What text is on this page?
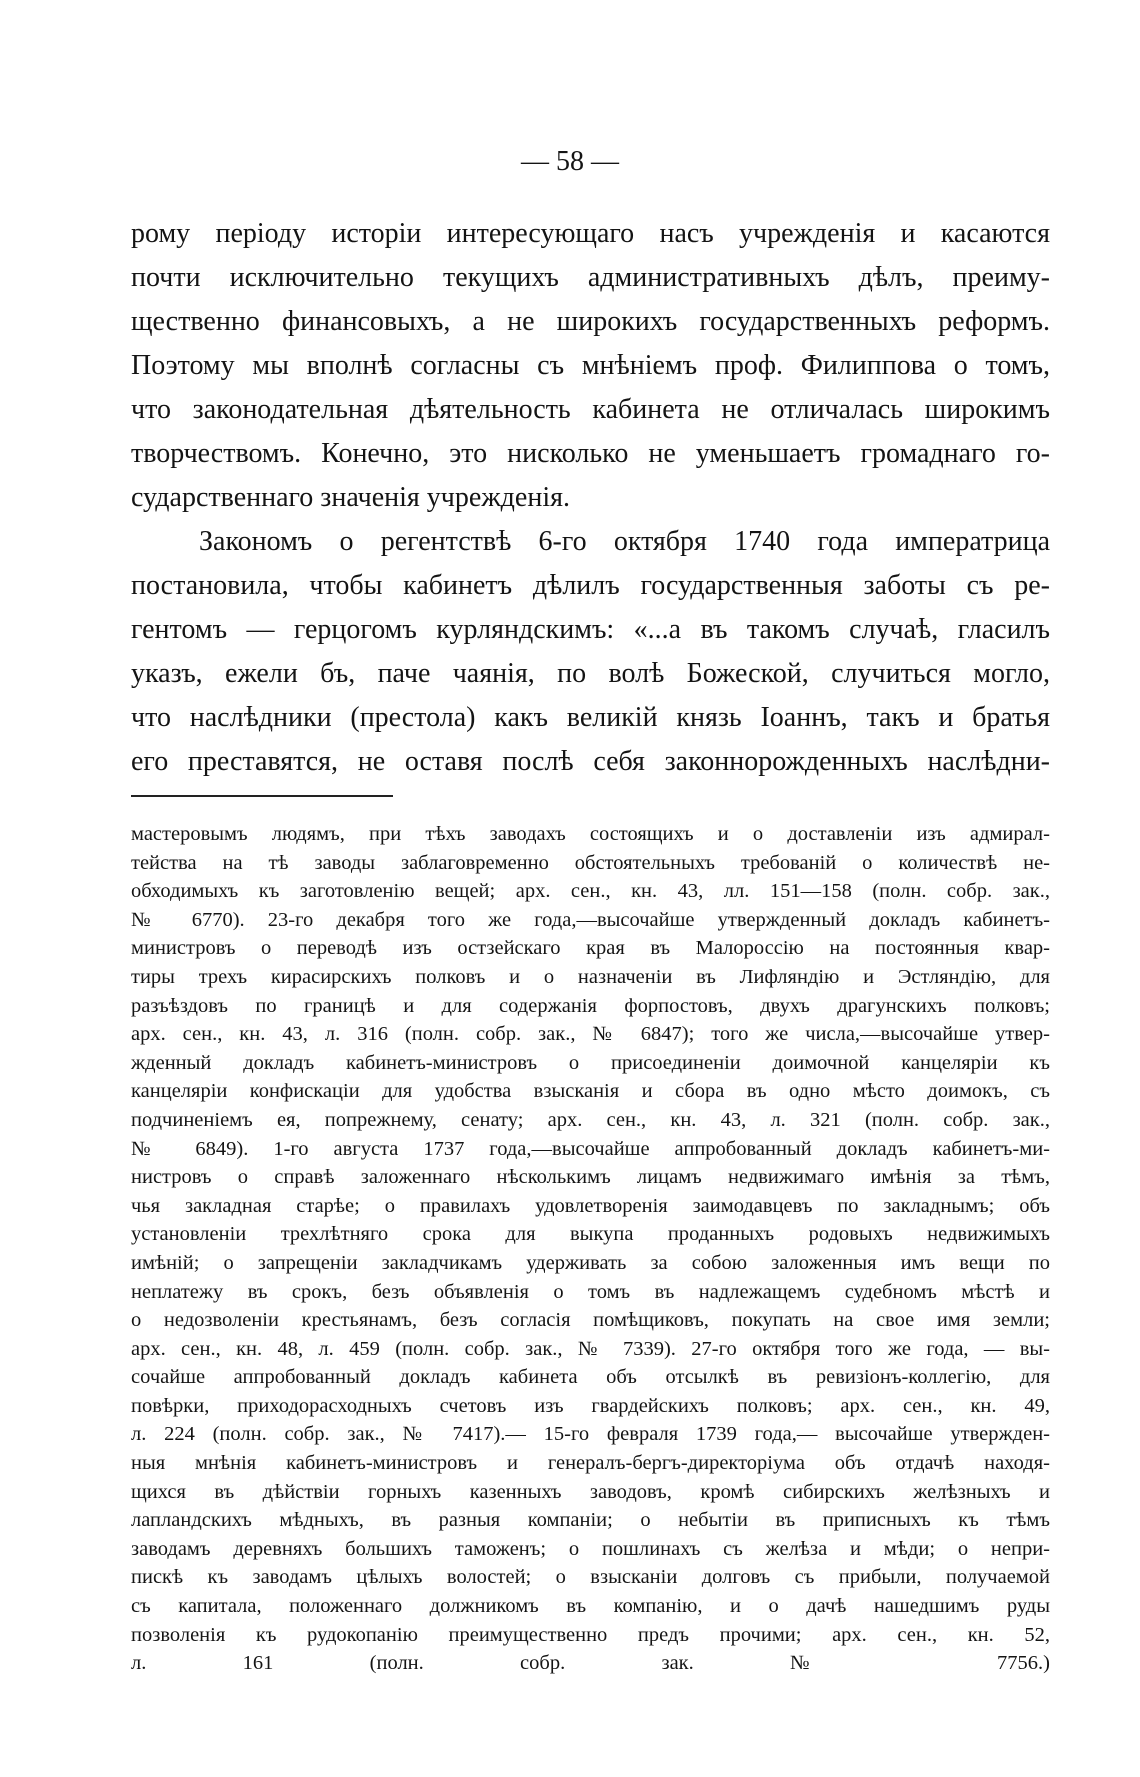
— 58 —
рому періоду исторіи интересующаго насъ учрежденія и касаются
почти исключительно текущихъ административныхъ дѣлъ, преиму-
щественно финансовыхъ, а не широкихъ государственныхъ реформъ.
Поэтому мы вполнѣ согласны съ мнѣніемъ проф. Филиппова о томъ,
что законодательная дѣятельность кабинета не отличалась широкимъ
творчествомъ. Конечно, это нисколько не уменьшаетъ громаднаго го-
сударственнаго значенія учрежденія.
Закономъ о регентствѣ 6-го октября 1740 года императрица
постановила, чтобы кабинетъ дѣлилъ государственныя заботы съ ре-
гентомъ — герцогомъ курляндскимъ: «...а въ такомъ случаѣ, гласилъ
указъ, ежели бъ, паче чаянія, по волѣ Божеской, случиться могло,
что наслѣдники (престола) какъ великій князь Іоаннъ, такъ и братья
его преставятся, не оставя послѣ себя законнорожденныхъ наслѣдни-
мастеровымъ людямъ, при тѣхъ заводахъ состоящихъ и о доставленіи изъ адмирал-
тейства на тѣ заводы заблаговременно обстоятельныхъ требованій о количествѣ не-
обходимыхъ къ заготовленію вещей; арх. сен., кн. 43, лл. 151—158 (полн. собр. зак.,
№ 6770). 23-го декабря того же года,—высочайше утвержденный докладъ кабинетъ-
министровъ о переводѣ изъ остзейскаго края въ Малороссію на постоянныя квар-
тиры трехъ кирасирскихъ полковъ и о назначеніи въ Лифляндію и Эстляндію, для
разъѣздовъ по границѣ и для содержанія форпостовъ, двухъ драгунскихъ полковъ;
арх. сен., кн. 43, л. 316 (полн. собр. зак., № 6847); того же числа,—высочайше утвер-
жденный докладъ кабинетъ-министровъ о присоединеніи доимочной канцеляріи къ
канцеляріи конфискаціи для удобства взысканія и сбора въ одно мѣсто доимокъ, съ
подчиненіемъ ея, попрежнему, сенату; арх. сен., кн. 43, л. 321 (полн. собр. зак.,
№ 6849). 1-го августа 1737 года,—высочайше аппробованный докладъ кабинетъ-ми-
нистровъ о справѣ заложеннаго нѣсколькимъ лицамъ недвижимаго имѣнія за тѣмъ,
чья закладная старѣе; о правилахъ удовлетворенія заимодавцевъ по закладнымъ; объ
установленіи трехлѣтняго срока для выкупа проданныхъ родовыхъ недвижимыхъ
имѣній; о запрещеніи закладчикамъ удерживать за собою заложенныя имъ вещи по
неплатежу въ срокъ, безъ объявленія о томъ въ надлежащемъ судебномъ мѣстѣ и
о недозволеніи крестьянамъ, безъ согласія помѣщиковъ, покупать на свое имя земли;
арх. сен., кн. 48, л. 459 (полн. собр. зак., № 7339). 27-го октября того же года, — вы-
сочайше аппробованный докладъ кабинета объ отсылкѣ въ ревизіонъ-коллегію, для
повѣрки, приходорасходныхъ счетовъ изъ гвардейскихъ полковъ; арх. сен., кн. 49,
л. 224 (полн. собр. зак., № 7417).— 15-го февраля 1739 года,— высочайше утвержден-
ныя мнѣнія кабинетъ-министровъ и генералъ-бергъ-директоріума объ отдачѣ находя-
щихся въ дѣйствіи горныхъ казенныхъ заводовъ, кромѣ сибирскихъ желѣзныхъ и
лапландскихъ мѣдныхъ, въ разныя компаніи; о небытіи въ приписныхъ къ тѣмъ
заводамъ деревняхъ большихъ таможенъ; о пошлинахъ съ желѣза и мѣди; о непри-
пискѣ къ заводамъ цѣлыхъ волостей; о взысканіи долговъ съ прибыли, получаемой
съ капитала, положеннаго должникомъ въ компанію, и о дачѣ нашедшимъ руды
позволенія къ рудокопанію преимущественно предъ прочими; арх. сен., кн. 52,
л. 161 (полн. собр. зак. № 7756.)
